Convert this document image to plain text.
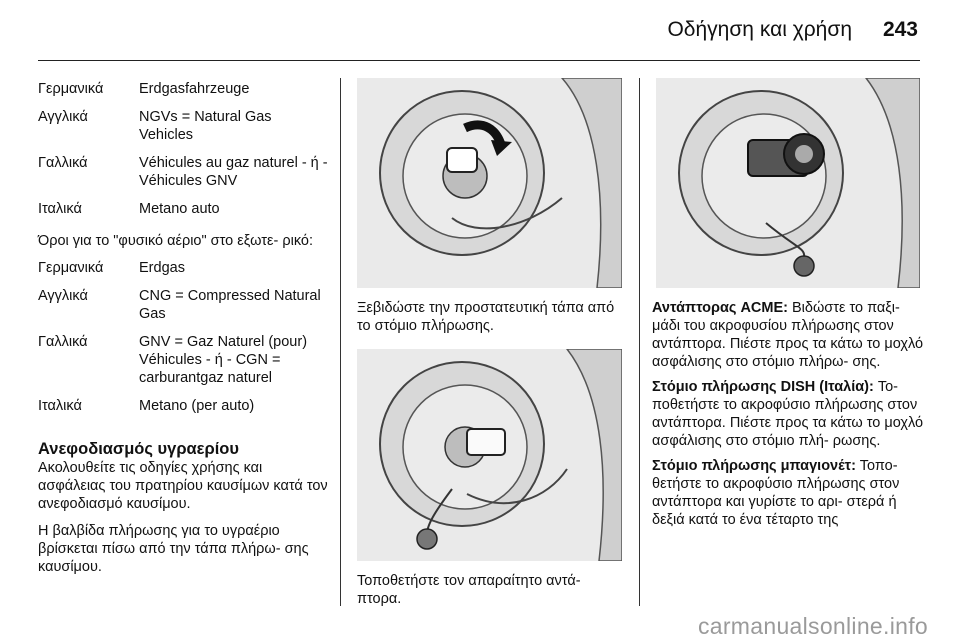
Οδήγηση και χρήση 243
Γερμανικά	Erdgasfahrzeuge
Αγγλικά	NGVs = Natural Gas Vehicles
Γαλλικά	Véhicules au gaz naturel - ή - Véhicules GNV
Ιταλικά	Metano auto

Όροι για το "φυσικό αέριο" στο εξωτε- ρικό:

Γερμανικά	Erdgas
Αγγλικά	CNG = Compressed Natural Gas
Γαλλικά	GNV = Gaz Naturel (pour) Véhicules - ή - CGN = carburantgaz naturel
Ιταλικά	Metano (per auto)
Ανεφοδιασμός υγραερίου

Ακολουθείτε τις οδηγίες χρήσης και ασφάλειας του πρατηρίου καυσίμων κατά τον ανεφοδιασμό καυσίμου.

Η βαλβίδα πλήρωσης για το υγραέριο βρίσκεται πίσω από την τάπα πλήρω- σης καυσίμου.

Ξεβιδώστε την προστατευτική τάπα από το στόμιο πλήρωσης.
Τοποθετήστε τον απαραίτητο αντά- πτορα.

Αντάπτορας ACME: Βιδώστε το παξι- μάδι του ακροφυσίου πλήρωσης στον αντάπτορα. Πιέστε προς τα κάτω το μοχλό ασφάλισης στο στόμιο πλήρω- σης.

Στόμιο πλήρωσης DISH (Ιταλία): Το- ποθετήστε το ακροφύσιο πλήρωσης στον αντάπτορα. Πιέστε προς τα κάτω το μοχλό ασφάλισης στο στόμιο πλή- ρωσης.

Στόμιο πλήρωσης μπαγιονέτ: Τοπο- θετήστε το ακροφύσιο πλήρωσης στον αντάπτορα και γυρίστε το αρι- στερά ή δεξιά κατά το ένα τέταρτο της

carmanualsonline.info
